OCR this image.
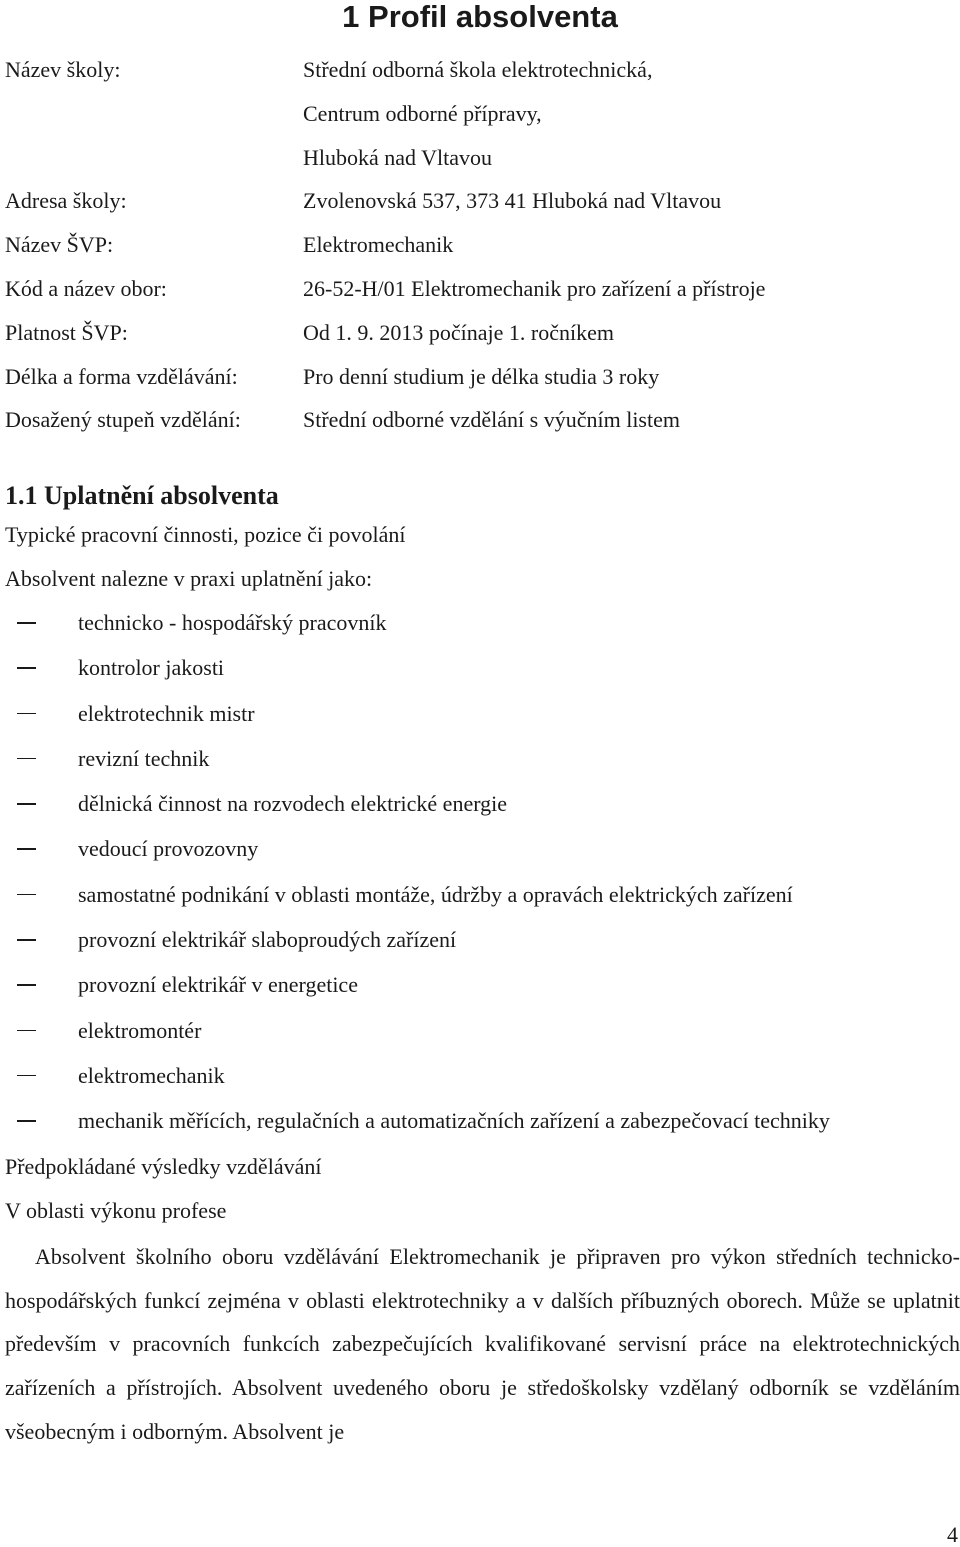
1 Profil absolventa
Název školy:	Střední odborná škola elektrotechnická,
Centrum odborné přípravy,
Hluboká nad Vltavou
Adresa školy:	Zvolenovská 537, 373 41 Hluboká nad Vltavou
Název ŠVP:	Elektromechanik
Kód a název obor:	26-52-H/01 Elektromechanik pro zařízení a přístroje
Platnost ŠVP:	Od 1. 9. 2013 počínaje 1. ročníkem
Délka a forma vzdělávání:	Pro denní studium je délka studia 3 roky
Dosažený stupeň vzdělání:	Střední odborné vzdělání s výučním listem
1.1 Uplatnění absolventa
Typické pracovní činnosti, pozice či povolání
Absolvent nalezne v praxi uplatnění jako:
technicko - hospodářský pracovník
kontrolor jakosti
elektrotechnik mistr
revizní technik
dělnická činnost na rozvodech elektrické energie
vedoucí provozovny
samostatné podnikání v oblasti montáže, údržby a opravách elektrických zařízení
provozní elektrikář slaboproudých zařízení
provozní elektrikář v energetice
elektromontér
elektromechanik
mechanik měřících, regulačních a automatizačních zařízení a zabezpečovací techniky
Předpokládané výsledky vzdělávání
V oblasti výkonu profese

Absolvent školního oboru vzdělávání Elektromechanik je připraven pro výkon středních technicko-hospodářských funkcí zejména v oblasti elektrotechniky a v dalších příbuzných oborech. Může se uplatnit především v pracovních funkcích zabezpečujících kvalifikované servisní práce na elektrotechnických zařízeních a přístrojích. Absolvent uvedeného oboru je středoškolsky vzdělaný odborník se vzděláním všeobecným i odborným. Absolvent je

4
